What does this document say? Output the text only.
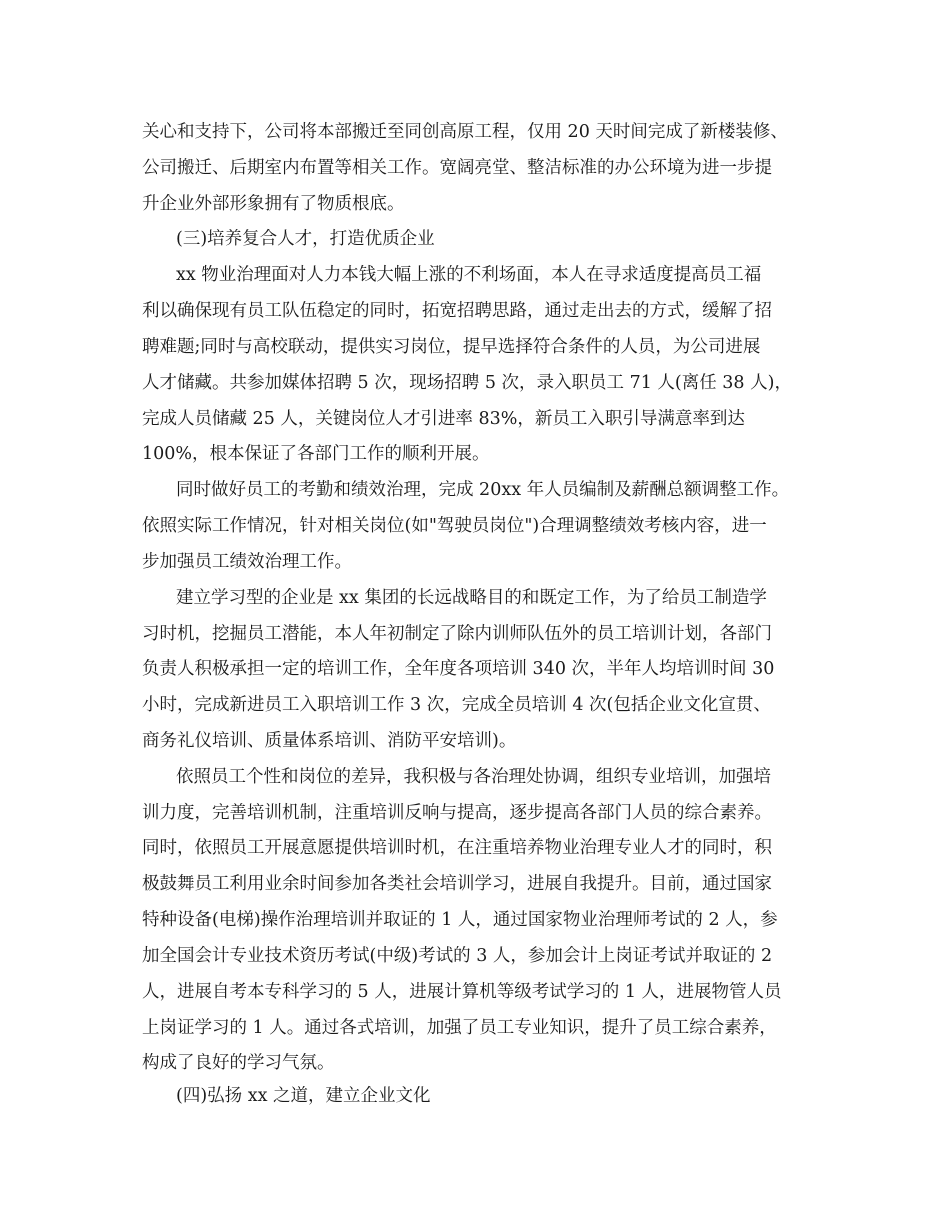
关心和支持下，公司将本部搬迁至同创高原工程，仅用 20 天时间完成了新楼装修、
公司搬迁、后期室内布置等相关工作。宽阔亮堂、整洁标准的办公环境为进一步提
升企业外部形象拥有了物质根底。
(三)培养复合人才，打造优质企业
xx 物业治理面对人力本钱大幅上涨的不利场面，本人在寻求适度提高员工福
利以确保现有员工队伍稳定的同时，拓宽招聘思路，通过走出去的方式，缓解了招
聘难题;同时与高校联动，提供实习岗位，提早选择符合条件的人员，为公司进展
人才储藏。共参加媒体招聘 5 次，现场招聘 5 次，录入职员工 71 人(离任 38 人)，
完成人员储藏 25 人，关键岗位人才引进率 83%，新员工入职引导满意率到达
100%，根本保证了各部门工作的顺利开展。
同时做好员工的考勤和绩效治理，完成 20xx 年人员编制及薪酬总额调整工作。
依照实际工作情况，针对相关岗位(如"驾驶员岗位")合理调整绩效考核内容，进一
步加强员工绩效治理工作。
建立学习型的企业是 xx 集团的长远战略目的和既定工作，为了给员工制造学
习时机，挖掘员工潜能，本人年初制定了除内训师队伍外的员工培训计划，各部门
负责人积极承担一定的培训工作，全年度各项培训 340 次，半年人均培训时间 30
小时，完成新进员工入职培训工作 3 次，完成全员培训 4 次(包括企业文化宣贯、
商务礼仪培训、质量体系培训、消防平安培训)。
依照员工个性和岗位的差异，我积极与各治理处协调，组织专业培训，加强培
训力度，完善培训机制，注重培训反响与提高，逐步提高各部门人员的综合素养。
同时，依照员工开展意愿提供培训时机，在注重培养物业治理专业人才的同时，积
极鼓舞员工利用业余时间参加各类社会培训学习，进展自我提升。目前，通过国家
特种设备(电梯)操作治理培训并取证的 1 人，通过国家物业治理师考试的 2 人，参
加全国会计专业技术资历考试(中级)考试的 3 人，参加会计上岗证考试并取证的 2
人，进展自考本专科学习的 5 人，进展计算机等级考试学习的 1 人，进展物管人员
上岗证学习的 1 人。通过各式培训，加强了员工专业知识，提升了员工综合素养，
构成了良好的学习气氛。
(四)弘扬 xx 之道，建立企业文化
